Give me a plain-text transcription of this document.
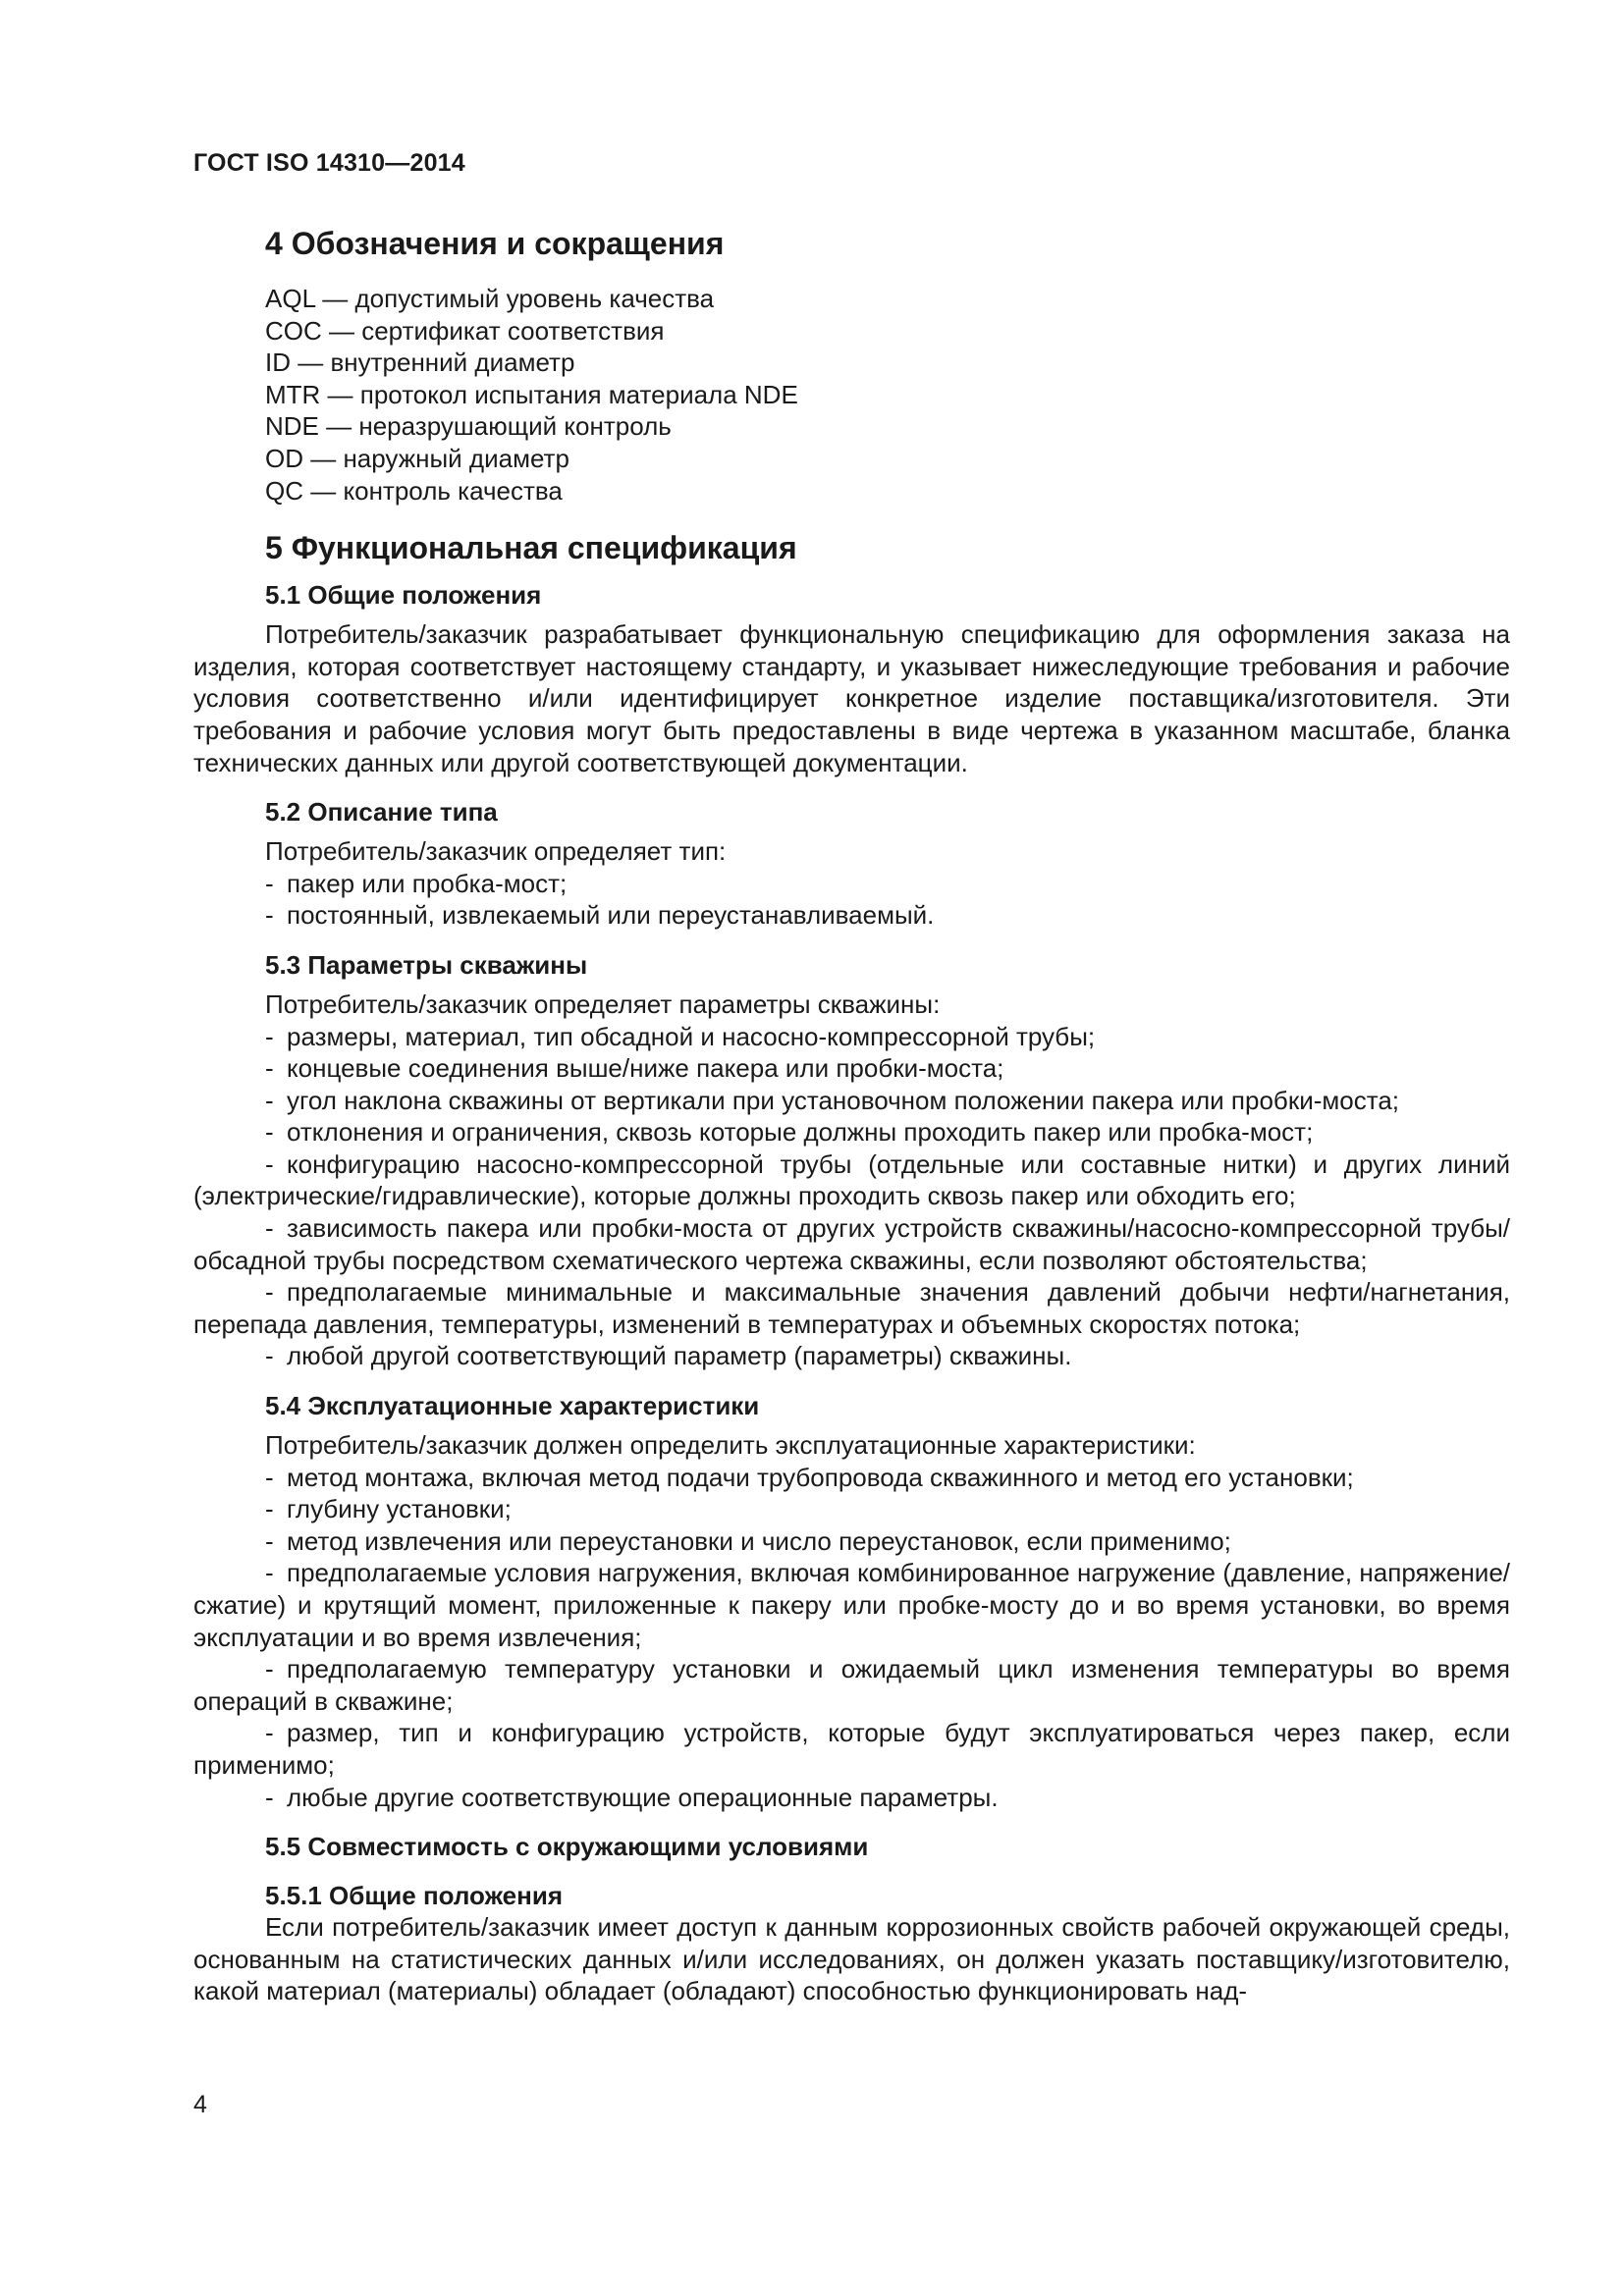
ГОСТ ISO 14310—2014
4 Обозначения и сокращения
AQL — допустимый уровень качества
COC — сертификат соответствия
ID — внутренний диаметр
MTR — протокол испытания материала NDE
NDE — неразрушающий контроль
OD — наружный диаметр
QC — контроль качества
5 Функциональная спецификация
5.1 Общие положения

Потребитель/заказчик разрабатывает функциональную спецификацию для оформления заказа на изделия, которая соответствует настоящему стандарту, и указывает нижеследующие требования и рабочие условия соответственно и/или идентифицирует конкретное изделие поставщика/изготовителя. Эти требования и рабочие условия могут быть предоставлены в виде чертежа в указанном масштабе, бланка технических данных или другой соответствующей документации.

5.2 Описание типа
Потребитель/заказчик определяет тип:
- пакер или пробка-мост;
- постоянный, извлекаемый или переустанавливаемый.
5.3 Параметры скважины
Потребитель/заказчик определяет параметры скважины:
- размеры, материал, тип обсадной и насосно-компрессорной трубы;
- концевые соединения выше/ниже пакера или пробки-моста;
- угол наклона скважины от вертикали при установочном положении пакера или пробки-моста;
- отклонения и ограничения, сквозь которые должны проходить пакер или пробка-мост;
- конфигурацию насосно-компрессорной трубы (отдельные или составные нитки) и других линий (электрические/гидравлические), которые должны проходить сквозь пакер или обходить его;
- зависимость пакера или пробки-моста от других устройств скважины/насосно-компрессорной трубы/обсадной трубы посредством схематического чертежа скважины, если позволяют обстоятельства;
- предполагаемые минимальные и максимальные значения давлений добычи нефти/нагнетания, перепада давления, температуры, изменений в температурах и объемных скоростях потока;
- любой другой соответствующий параметр (параметры) скважины.
5.4 Эксплуатационные характеристики
Потребитель/заказчик должен определить эксплуатационные характеристики:
- метод монтажа, включая метод подачи трубопровода скважинного и метод его установки;
- глубину установки;
- метод извлечения или переустановки и число переустановок, если применимо;
- предполагаемые условия нагружения, включая комбинированное нагружение (давление, напряжение/сжатие) и крутящий момент, приложенные к пакеру или пробке-мосту до и во время установки, во время эксплуатации и во время извлечения;
- предполагаемую температуру установки и ожидаемый цикл изменения температуры во время операций в скважине;
- размер, тип и конфигурацию устройств, которые будут эксплуатироваться через пакер, если применимо;
- любые другие соответствующие операционные параметры.
5.5 Совместимость с окружающими условиями
5.5.1 Общие положения

Если потребитель/заказчик имеет доступ к данным коррозионных свойств рабочей окружающей среды, основанным на статистических данных и/или исследованиях, он должен указать поставщику/изготовителю, какой материал (материалы) обладает (обладают) способностью функционировать над-

4
